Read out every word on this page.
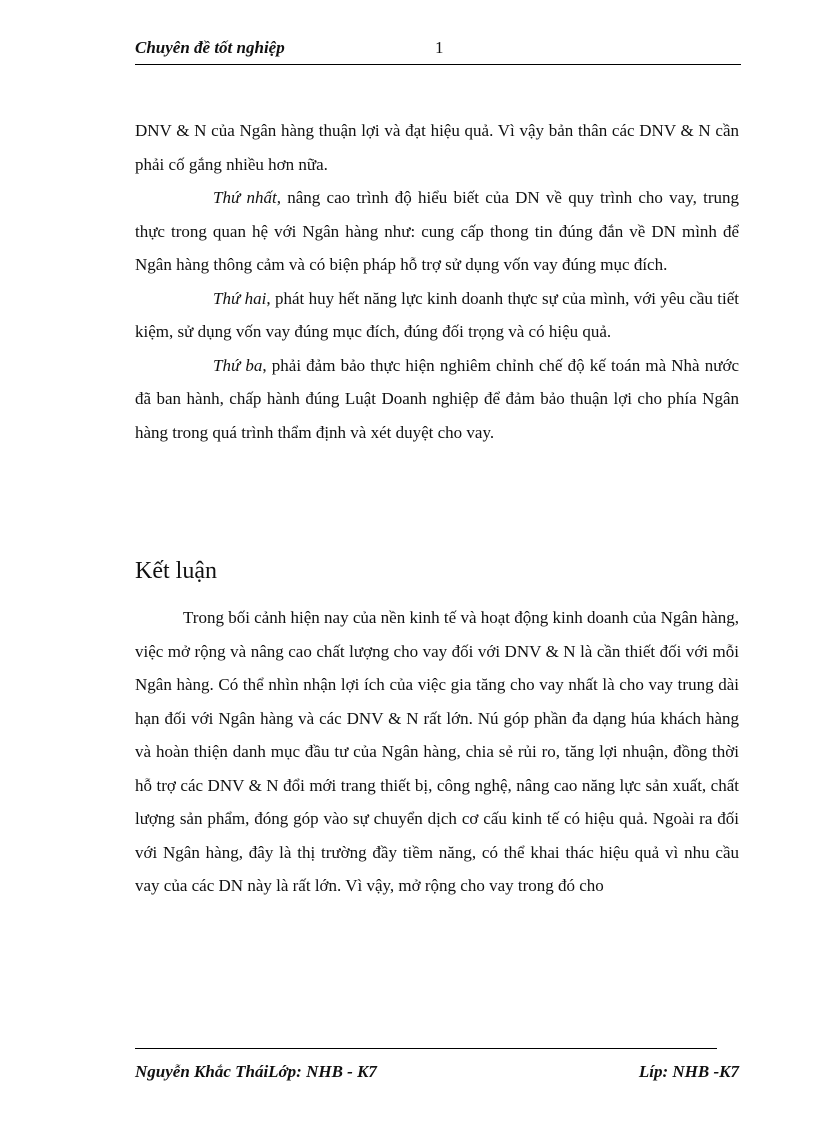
Chuyên đề tốt nghiệp	1

DNV & N của Ngân hàng thuận lợi và đạt hiệu quả. Vì vậy bản thân các DNV & N cần phải cố gắng nhiều hơn nữa.

Thứ nhất, nâng cao trình độ hiểu biết của DN về quy trình cho vay, trung thực trong quan hệ với Ngân hàng như: cung cấp thong tin đúng đắn về DN mình để Ngân hàng thông cảm và có biện pháp hỗ trợ sử dụng vốn vay đúng mục đích.

Thứ hai, phát huy hết năng lực kinh doanh thực sự của mình, với yêu cầu tiết kiệm, sử dụng vốn vay đúng mục đích, đúng đối trọng và có hiệu quả.

Thứ ba, phải đảm bảo thực hiện nghiêm chỉnh chế độ kế toán mà Nhà nước đã ban hành, chấp hành đúng Luật Doanh nghiệp để đảm bảo thuận lợi cho phía Ngân hàng trong quá trình thẩm định và xét duyệt cho vay.

Kết luận

Trong bối cảnh hiện nay của nền kinh tế và hoạt động kinh doanh của Ngân hàng, việc mở rộng và nâng cao chất lượng cho vay đối với DNV & N là cần thiết đối với mỗi Ngân hàng. Có thể nhìn nhận lợi ích của việc gia tăng cho vay nhất là cho vay trung dài hạn đối với Ngân hàng và các DNV & N rất lớn. Nú góp phần đa dạng húa khách hàng và hoàn thiện danh mục đầu tư của Ngân hàng, chia sẻ rủi ro, tăng lợi nhuận, đồng thời hỗ trợ các DNV & N đổi mới trang thiết bị, công nghệ, nâng cao năng lực sản xuất, chất lượng sản phẩm, đóng góp vào sự chuyển dịch cơ cấu kinh tế có hiệu quả. Ngoài ra đối với Ngân hàng, đây là thị trường đầy tiềm năng, có thể khai thác hiệu quả vì nhu cầu vay của các DN này là rất lớn. Vì vậy, mở rộng cho vay trong đó cho

Nguyễn Khắc TháiLớp: NHB - K7	Líp: NHB -K7
